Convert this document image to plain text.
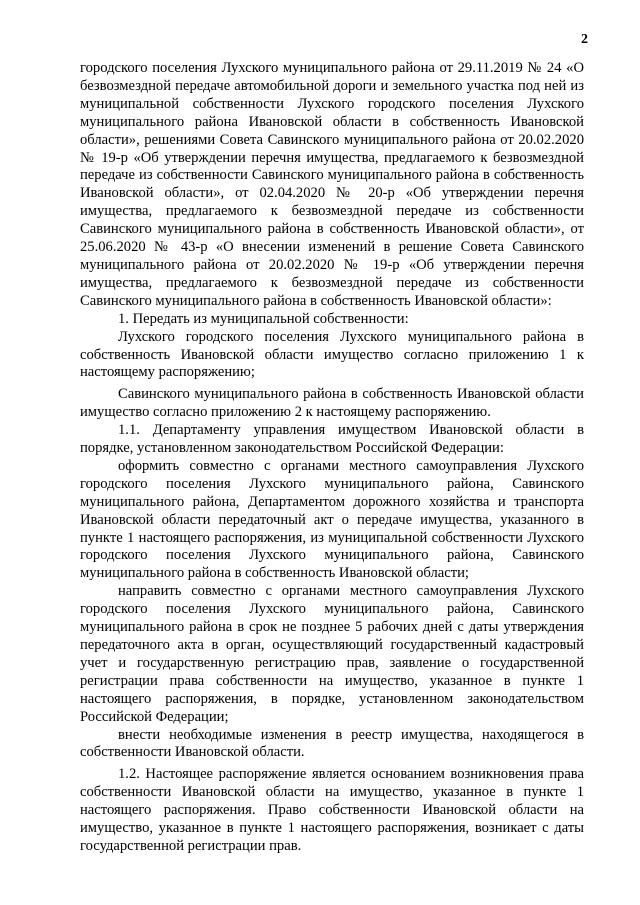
2

городского поселения Лухского муниципального района от 29.11.2019 № 24 «О безвозмездной передаче автомобильной дороги и земельного участка под ней из муниципальной собственности Лухского городского поселения Лухского муниципального района Ивановской области в собственность Ивановской области», решениями Совета Савинского муниципального района от 20.02.2020 № 19-р «Об утверждении перечня имущества, предлагаемого к безвозмездной передаче из собственности Савинского муниципального района в собственность Ивановской области», от 02.04.2020 № 20-р «Об утверждении перечня имущества, предлагаемого к безвозмездной передаче из собственности Савинского муниципального района в собственность Ивановской области», от 25.06.2020 № 43-р «О внесении изменений в решение Совета Савинского муниципального района от 20.02.2020 № 19-р «Об утверждении перечня имущества, предлагаемого к безвозмездной передаче из собственности Савинского муниципального района в собственность Ивановской области»:

1. Передать из муниципальной собственности:

Лухского городского поселения Лухского муниципального района в собственность Ивановской области имущество согласно приложению 1 к настоящему распоряжению;

Савинского муниципального района в собственность Ивановской области имущество согласно приложению 2 к настоящему распоряжению.

1.1. Департаменту управления имуществом Ивановской области в порядке, установленном законодательством Российской Федерации:

оформить совместно с органами местного самоуправления Лухского городского поселения Лухского муниципального района, Савинского муниципального района, Департаментом дорожного хозяйства и транспорта Ивановской области передаточный акт о передаче имущества, указанного в пункте 1 настоящего распоряжения, из муниципальной собственности Лухского городского поселения Лухского муниципального района, Савинского муниципального района в собственность Ивановской области;

направить совместно с органами местного самоуправления Лухского городского поселения Лухского муниципального района, Савинского муниципального района в срок не позднее 5 рабочих дней с даты утверждения передаточного акта в орган, осуществляющий государственный кадастровый учет и государственную регистрацию прав, заявление о государственной регистрации права собственности на имущество, указанное в пункте 1 настоящего распоряжения, в порядке, установленном законодательством Российской Федерации;

внести необходимые изменения в реестр имущества, находящегося в собственности Ивановской области.

1.2. Настоящее распоряжение является основанием возникновения права собственности Ивановской области на имущество, указанное в пункте 1 настоящего распоряжения. Право собственности Ивановской области на имущество, указанное в пункте 1 настоящего распоряжения, возникает с даты государственной регистрации прав.
